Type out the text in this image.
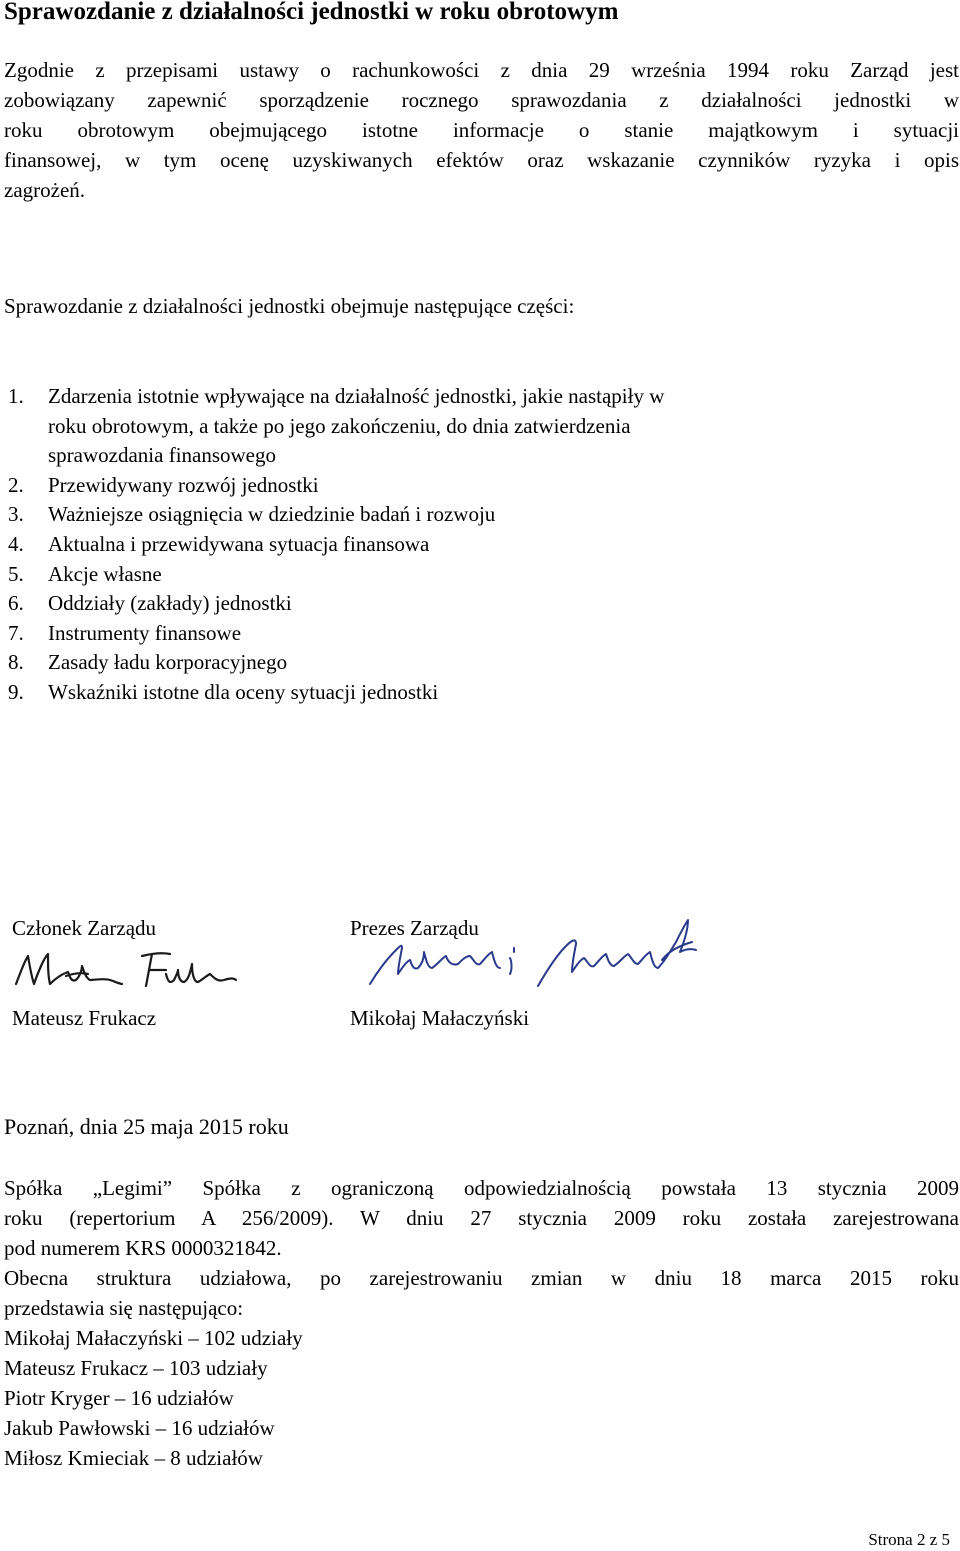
Sprawozdanie z działalności jednostki w roku obrotowym
Zgodnie z przepisami ustawy o rachunkowości z dnia 29 września 1994 roku Zarząd jest
zobowiązany zapewnić sporządzenie rocznego sprawozdania z działalności jednostki w
roku obrotowym obejmującego istotne informacje o stanie majątkowym i sytuacji
finansowej, w tym ocenę uzyskiwanych efektów oraz wskazanie czynników ryzyka i opis
zagrożeń.
Sprawozdanie z działalności jednostki obejmuje następujące części:
1. Zdarzenia istotnie wpływające na działalność jednostki, jakie nastąpiły w
roku obrotowym, a także po jego zakończeniu, do dnia zatwierdzenia
sprawozdania finansowego
2. Przewidywany rozwój jednostki
3. Ważniejsze osiągnięcia w dziedzinie badań i rozwoju
4. Aktualna i przewidywana sytuacja finansowa
5. Akcje własne
6. Oddziały (zakłady) jednostki
7. Instrumenty finansowe
8. Zasady ładu korporacyjnego
9. Wskaźniki istotne dla oceny sytuacji jednostki
Członek Zarządu
Mateusz Frukacz
Prezes Zarządu
Mikołaj Małaczyński
Poznań, dnia 25 maja 2015 roku
Spółka „Legimi” Spółka z ograniczoną odpowiedzialnością powstała 13 stycznia 2009
roku (repertorium A 256/2009). W dniu 27 stycznia 2009 roku została zarejestrowana
pod numerem KRS 0000321842.
Obecna struktura udziałowa, po zarejestrowaniu zmian w dniu 18 marca 2015 roku
przedstawia się następująco:
Mikołaj Małaczyński – 102 udziały
Mateusz Frukacz – 103 udziały
Piotr Kryger – 16 udziałów
Jakub Pawłowski – 16 udziałów
Miłosz Kmieciak – 8 udziałów
Strona 2 z 5
